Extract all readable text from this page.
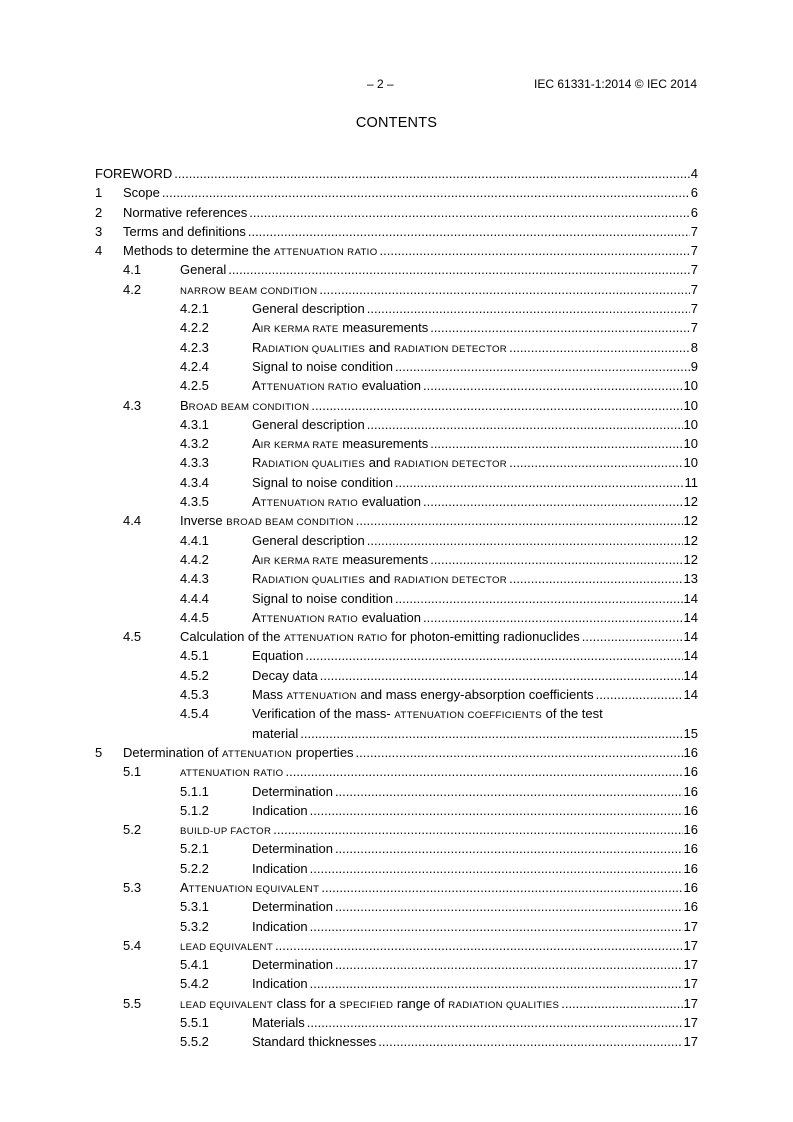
– 2 –	IEC 61331-1:2014 © IEC 2014
CONTENTS
FOREWORD .....	4
1 Scope .....	6
2 Normative references .....	6
3 Terms and definitions .....	7
4 Methods to determine the ATTENUATION RATIO .....	7
4.1	General .....	7
4.2	NARROW BEAM CONDITION .....	7
4.2.1	General description .....	7
4.2.2	AIR KERMA RATE measurements .....	7
4.2.3	RADIATION QUALITIES and RADIATION DETECTOR .....	8
4.2.4	Signal to noise condition .....	9
4.2.5	ATTENUATION RATIO evaluation .....	10
4.3	BROAD BEAM CONDITION .....	10
4.3.1	General description .....	10
4.3.2	AIR KERMA RATE measurements .....	10
4.3.3	RADIATION QUALITIES and RADIATION DETECTOR .....	10
4.3.4	Signal to noise condition .....	11
4.3.5	ATTENUATION RATIO evaluation .....	12
4.4	Inverse BROAD BEAM CONDITION .....	12
4.4.1	General description .....	12
4.4.2	AIR KERMA RATE measurements .....	12
4.4.3	RADIATION QUALITIES and RADIATION DETECTOR .....	13
4.4.4	Signal to noise condition .....	14
4.4.5	ATTENUATION RATIO evaluation .....	14
4.5	Calculation of the ATTENUATION RATIO for photon-emitting radionuclides .....	14
4.5.1	Equation .....	14
4.5.2	Decay data .....	14
4.5.3	Mass ATTENUATION and mass energy-absorption coefficients .....	14
4.5.4	Verification of the mass- ATTENUATION COEFFICIENTS of the test
material .....	15
5 Determination of ATTENUATION properties .....	16
5.1	ATTENUATION RATIO .....	16
5.1.1	Determination .....	16
5.1.2	Indication .....	16
5.2	BUILD-UP FACTOR .....	16
5.2.1	Determination .....	16
5.2.2	Indication .....	16
5.3	ATTENUATION EQUIVALENT .....	16
5.3.1	Determination .....	16
5.3.2	Indication .....	17
5.4	LEAD EQUIVALENT .....	17
5.4.1	Determination .....	17
5.4.2	Indication .....	17
5.5	LEAD EQUIVALENT class for a SPECIFIED range of RADIATION QUALITIES .....	17
5.5.1	Materials .....	17
5.5.2	Standard thicknesses .....	17
